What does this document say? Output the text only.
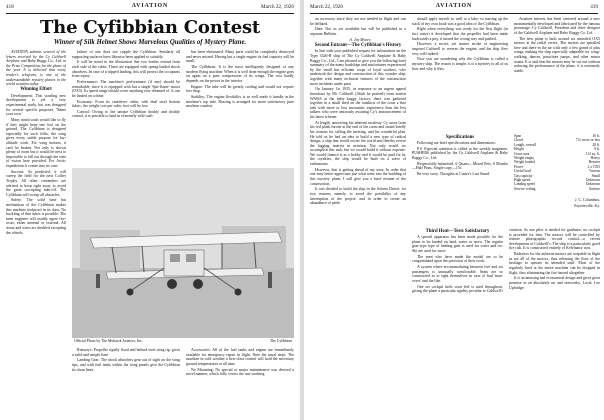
418	AVIATION	March 22, 1926
The Cyfibbian Contest
Winner of Silk Helmet Shows Marvelous Qualities of Mystery Plane.

AVIATION submits several of the letters received by the Cy Caldwell Airplane and Baby Buggy Co., Ltd. in the Prize Competition for the plane of the year. It is believed that every reader's telegram, is one of the understandable mystery planes in the world aviation today.

Winning Effort

Development: This startling new development is yet a very experimental study, but was designed for several specific purposes. 'Name your own.'

Many timid souls would like to fly if they might keep one foot on the ground. The Cyfibbian is designed especially for such folks, the wing gives every stable purpose for lay-altitude work. For wing motion, it can't be beaten. Not only is shown plenty of room but it would be next to impossible to fall out through the ease of vision here provided. For Arctic expeditions it comes into its own.

Success: As predicted, it will sweep the field for the next Collier Trophy. All other contenders are advised to keep right away to avoid the great corrupting take-off. The Cyfibbian will sweep all obstacles.

Safety: The solid base but mechanism of the Cyfibbian makes this machine foolproof in its class. No buckling of thin tubes is possible. The keen engineer will readily agree fire-roses, either internal or external. All struts and wires are doubled excepting the wheels.

failure of one does not cripple the Cyfibbian. Similarly all supporting surfaces have likewise been applied to suitably.

It will be noted in the illustration that two bodies extend from each side of the cabin. These are equipped with spring-loaded shock absorbers. In case of a tripped landing, this will protect the occupants from injury.

Performance: The machine's performance (if any) should be remarkable, since it is equipped with but a single 'Spit-flame' motor (OX5). Its speed range should cover anything ever dreamed of. It can be landed on a dime.

Economy: From its cantilever cabin, with dual steel bottom fabric, the weight cost per cubic foot will be low.

Control: Owing to the unique Cyfibbian doubly and doubly control, it is possible to land in extremely wild craft.

has been eliminated. Many parts could be completely destroyed and never missed. Having but a single engine its fuel capacity will be small.

The Cyfibbian: It is the most intelligently designed of any modern flying machine. When it is well done enough the engine goes on again on a pure compression of its wings. The cost hardly depends on the power in the interior.

Engine: The tube will be greatly cooling and would not require less drag.

Stability: The engine flexibility is as well made it handle in the machine's top side. Bracing is arranged for more satisfactory pure machine comfort.

Official Photo by The Mohawk Aviators, Inc.	The Cyfibbian

Runways: Propeller rigidly fixed and behind each wing tip, gives a solid and simple base.

Landing Gear: The shock absorbers gear out of sight on the wing tips, and with fuel tanks within the wing panels give the Cyfibbian its clean lines.

Accessories: All of the fuel tanks and engine are immediately available for emergency repair in flight. Note the usual steps. The machine in cold weather a first-class control will hold the necessary ground temperatures at all time.

No Mounting: No special or major maintenance was devised a novel manner, which fully covers the one working.

March 22, 1926	AVIATION	419

an accessory since they are not needed in flight and can be deflated.

Date: Not as yet available but will be published in a separate Bulletin.

A. Jay Moore.

Second Entrant—The Cyfibbian's History

In line with your published request for information on the Type 3326-B ship of The Cy Caldwell Airplane & Baby Buggy Co., Ltd., I am pleased to give you the following brief summary of the many hardships and misfortunes experienced by the small but efficient corps of loyal workers, who undertook the design and construction of this wonder ship, together with many technical features of the construction more incidents under pain.

On January 1st 1925, in response to an urgent appeal broadcast by Mr. Caldwell (Allah be praised) from station WAWA at the baby buggy factory, there was gathered together in a small shed on the outskirts of the town a fine task with more or less aeronautic experience than the less talkers who were anxiously awaiting Cy's announcement of his latest scheme.

At length, answering his inherent modesty, Cy arose from his red plush throne at the end of the room and stated briefly his reasons for calling the meeting, and his wonderful plan. He told us he had an idea to build a new type of radical design; a ship that would excite the world and thereby revive the lagging interest in aviation. Not only would we accomplish this task, but we would build it without expense. We would finance it as a hobby and it would be paid for by the royalties, the ship would be built on a wave of enthusiasm.

However, that is getting ahead of my story. In order that one may better appreciate just what went into the building of this mystery plane, I will give you a brief resume of the construction.

It was decided to build the ship in the Solaria Desert, for two reasons, namely, to avoid the possibility of any interruption of the project, and in order to create an abundance of pride.

should apply myself so well to a lake; so starting up the stack of my own book was a good idea of the Cyfibbian.

Right when everything was ready for the first flight (in fact water) it developed that the propeller had been made backwards a pity, it turned the wrong way and pushed.

However, a secret, yet master stroke of engineering inspired Caldwell to reverse the engine, and the ship flew very well indeed.

Now you are wondering why the Cyfibbian is called a mystery ship. The reason is simple; it is a mystery to all of us how and why it flies.

Specifications

Following are brief specifications and dimensions:

P.S. Especial attention is called to the weekly magazine, PUSHERS published by the Cy Caldwell Airplane & Baby Buggy Co., Ltd.

Respectfully submitted, 6 Quarts—Mixed Pets, 6 Months—Half Pints, Single copy—15c.

Be very sorry. Thoughts at Caster's Last Stand.

Span	16 ft.
Chord	7 ft. more or less
Length, overall	28 ft.
Height	9 ft.
Gross area	112 sq. ft.
Weight empty	Heavy
Weight loaded	Heavier
Power	2 x OX5
Useful load	Various
Gas capacity	Small
High speed	Unknown
Landing speed	Unknown
Service ceiling	Surface

Aviation interest has been centered around a new monumentally developed and fabricated by the famous personage, Cy Caldwell, President and chief designer of the Caldwell Airplane and Baby Buggy Co. Ltd.

The new plane is built around six unsealed OX5 motors at the radial vertex. The motors are spiralled here and there in the air with only a few grand of plus wings, making the ship especially adaptable for wing-walking, dances, parachute jumps, and other minor stunts. It is said that the motors may be cut out without reducing the performance of the plane, it is extremely stable.

J. C. Columbus,

Fayetteville, Ky.

Third Heat—Tests Satisfactory

A special apparatus has been made possible for the plane to be landed on land, water or snow. The regular gear-type type of landing gear is used for water and ice. Ski are used for snow.

The men who have made the model are to be congratulated upon the precision of their work.

A system where accommodating between five and six passengers is unusually comfortable. Seats are so constructed as to right themselves in case of bad 'man-overs' and the like.

One set cockpit fuels soon feel is used throughout, giving the plane a particular rigidity peculiar to Caldwell's creation. As one pilot is needed for guidance, no cockpit is provided for him. The motors will be controlled by remote photographic record control—a recent development of Caldwell's. The ship is a particularly good fire risk. It is constructed entirely of Kelvinator iron.

Radiators for the airborne motors are stripable in flight as are all of the motors, thus releasing the floor of the fuselage to operate its intended stuff. Most of the regularly fired at the entire machine can be dropped in flight, thus eliminating the fire hazard altogether.

It is an amusing and economical design and gives great promise as an absolutely air and seaworthy. Local, Lee Upbridge.
